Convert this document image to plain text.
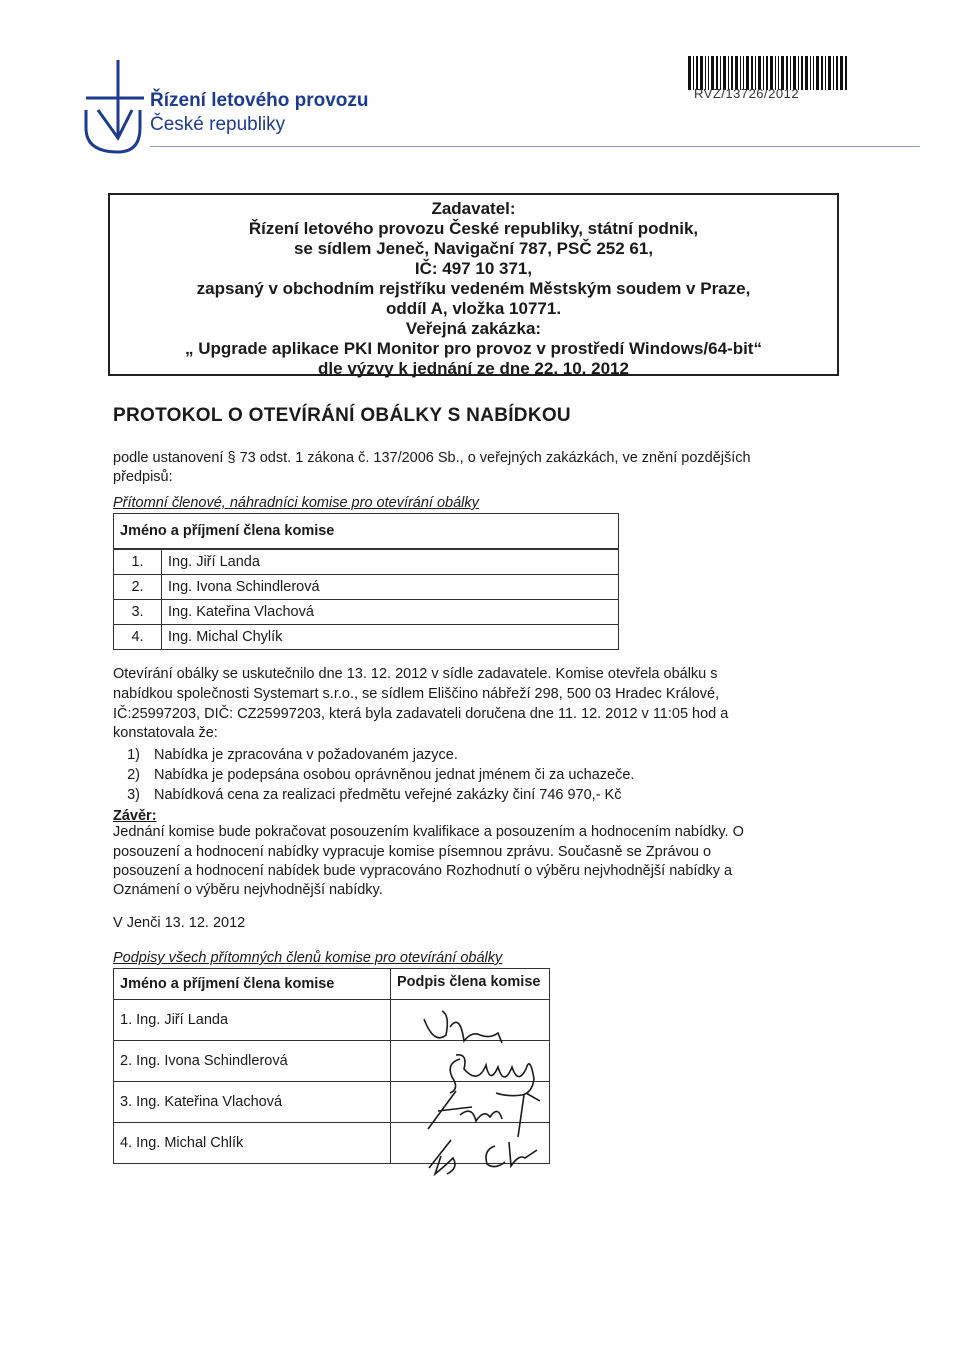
Řízení letového provozu
České republiky
RVZ/13726/2012
Zadavatel:
Řízení letového provozu České republiky, státní podnik,
se sídlem Jeneč, Navigační 787, PSČ 252 61,
IČ: 497 10 371,
zapsaný v obchodním rejstříku vedeném Městským soudem v Praze,
oddíl A, vložka 10771.
Veřejná zakázka:
„ Upgrade aplikace PKI Monitor pro provoz v prostředí Windows/64-bit“
dle výzvy k jednání ze dne 22. 10. 2012
PROTOKOL O OTEVÍRÁNÍ OBÁLKY S NABÍDKOU
podle ustanovení § 73 odst. 1 zákona č. 137/2006 Sb., o veřejných zakázkách, ve znění pozdějších
předpisů:
Přítomní členové, náhradníci komise pro otevírání obálky
Jméno a příjmení člena komise	
1.	Ing. Jiří Landa
2.	Ing. Ivona Schindlerová
3.	Ing. Kateřina Vlachová
4.	Ing. Michal Chylík
Otevírání obálky se uskutečnilo dne 13. 12. 2012 v sídle zadavatele. Komise otevřela obálku s
nabídkou společnosti Systemart s.r.o., se sídlem Eliščino nábřeží 298, 500 03 Hradec Králové,
IČ:25997203, DIČ: CZ25997203, která byla zadavateli doručena dne 11. 12. 2012 v 11:05 hod a
konstatovala že:
1) Nabídka je zpracována v požadovaném jazyce.
2) Nabídka je podepsána osobou oprávněnou jednat jménem či za uchazeče.
3) Nabídková cena za realizaci předmětu veřejné zakázky činí 746 970,- Kč
Závěr:
Jednání komise bude pokračovat posouzením kvalifikace a posouzením a hodnocením nabídky. O
posouzení a hodnocení nabídky vypracuje komise písemnou zprávu. Současně se Zprávou o
posouzení a hodnocení nabídek bude vypracováno Rozhodnutí o výběru nejvhodnější nabídky a
Oznámení o výběru nejvhodnější nabídky.
V Jenči 13. 12. 2012
Podpisy všech přítomných členů komise pro otevírání obálky
Jméno a příjmení člena komise	Podpis člena komise
1. Ing. Jiří Landa	
2. Ing. Ivona Schindlerová	
3. Ing. Kateřina Vlachová	
4. Ing. Michal Chlík	
